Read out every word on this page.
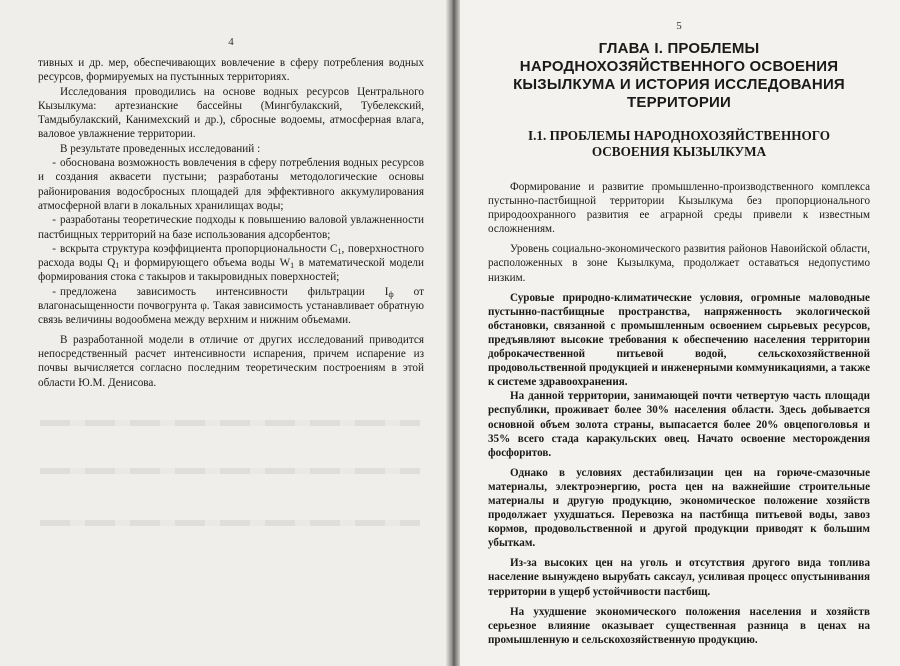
4

тивных и др. мер, обеспечивающих вовлечение в сферу потребления водных ресурсов, формируемых на пустынных территориях.

Исследования проводились на основе водных ресурсов Центрального Кызылкума: артезианские бассейны (Мингбулакский, Тубелекский, Тамдыбулакский, Канимехский и др.), сбросные водоемы, атмосферная влага, валовое увлажнение территории.

В результате проведенных исследований :

- обоснована возможность вовлечения в сферу потребления водных ресурсов и создания аквасети пустыни; разработаны методологические основы районирования водосбросных площадей для эффективного аккумулирования атмосферной влаги в локальных хранилищах воды;

- разработаны теоретические подходы к повышению валовой увлажненности пастбищных территорий на базе использования адсорбентов;

- вскрыта структура коэффициента пропорциональности $C_1$, поверхностного расхода воды $Q_1$ и формирующего объема воды $W_1$ в математической модели формирования стока с такыров и такыровидных поверхностей;

- предложена зависимость интенсивности фильтрации $I_ф$ от влагонасыщенности почвогрунта φ. Такая зависимость устанавливает обратную связь величины водообмена между верхним и нижним объемами.

В разработанной модели в отличие от других исследований приводится непосредственный расчет интенсивности испарения, причем испарение из почвы вычисляется согласно последним теоретическим построениям в этой области Ю.М. Денисова.

5
ГЛАВА I. ПРОБЛЕМЫ НАРОДНОХОЗЯЙСТВЕННОГО ОСВОЕНИЯ КЫЗЫЛКУМА И ИСТОРИЯ ИССЛЕДОВАНИЯ ТЕРРИТОРИИ
I.1. ПРОБЛЕМЫ НАРОДНОХОЗЯЙСТВЕННОГО ОСВОЕНИЯ КЫЗЫЛКУМА

Формирование и развитие промышленно-производственного комплекса пустынно-пастбищной территории Кызылкума без пропорционального природоохранного развития ее аграрной среды привели к известным осложнениям.

Уровень социально-экономического развития районов Навоийской области, расположенных в зоне Кызылкума, продолжает оставаться недопустимо низким.

Суровые природно-климатические условия, огромные маловодные пустынно-пастбищные пространства, напряженность экологической обстановки, связанной с промышленным освоением сырьевых ресурсов, предъявляют высокие требования к обеспечению населения территории доброкачественной питьевой водой, сельскохозяйственной продовольственной продукцией и инженерными коммуникациями, а также к системе здравоохранения.

На данной территории, занимающей почти четвертую часть площади республики, проживает более 30% населения области. Здесь добывается основной объем золота страны, выпасается более 20% овцепоголовья и 35% всего стада каракульских овец. Начато освоение месторождения фосфоритов.

Однако в условиях дестабилизации цен на горюче-смазочные материалы, электроэнергию, роста цен на важнейшие строительные материалы и другую продукцию, экономическое положение хозяйств продолжает ухудшаться. Перевозка на пастбища питьевой воды, завоз кормов, продовольственной и другой продукции приводят к большим убыткам.

Из-за высоких цен на уголь и отсутствия другого вида топлива население вынуждено вырубать саксаул, усиливая процесс опустынивания территории в ущерб устойчивости пастбищ.

На ухудшение экономического положения населения и хозяйств серьезное влияние оказывает существенная разница в ценах на промышленную и сельскохозяйственную продукцию.
